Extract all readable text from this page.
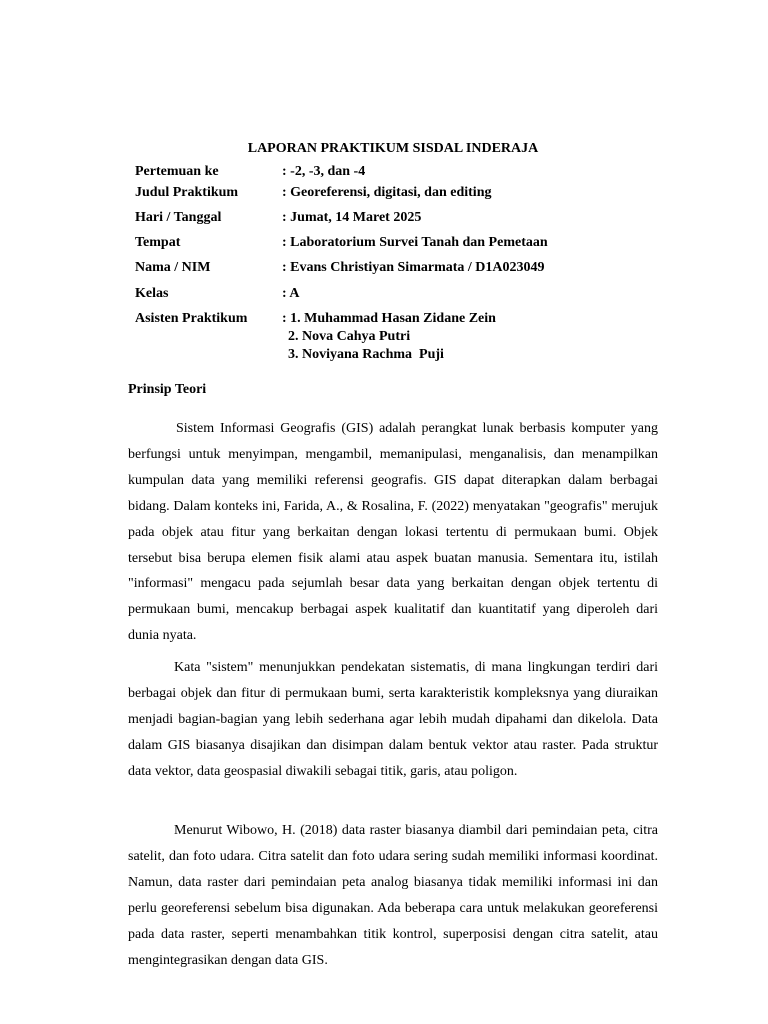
LAPORAN PRAKTIKUM SISDAL INDERAJA
Pertemuan ke	: -2, -3, dan -4
Judul Praktikum	: Georeferensi, digitasi, dan editing
Hari / Tanggal	: Jumat, 14 Maret 2025
Tempat	: Laboratorium Survei Tanah dan Pemetaan
Nama / NIM	: Evans Christiyan Simarmata / D1A023049
Kelas	: A
Asisten Praktikum : 1. Muhammad Hasan Zidane Zein
2. Nova Cahya Putri
3. Noviyana Rachma  Puji
Prinsip Teori

Sistem Informasi Geografis (GIS) adalah perangkat lunak berbasis komputer yang berfungsi untuk menyimpan, mengambil, memanipulasi, menganalisis, dan menampilkan kumpulan data yang memiliki referensi geografis. GIS dapat diterapkan dalam berbagai bidang. Dalam konteks ini, Farida, A., & Rosalina, F. (2022) menyatakan "geografis" merujuk pada objek atau fitur yang berkaitan dengan lokasi tertentu di permukaan bumi. Objek tersebut bisa berupa elemen fisik alami atau aspek buatan manusia. Sementara itu, istilah "informasi" mengacu pada sejumlah besar data yang berkaitan dengan objek tertentu di permukaan bumi, mencakup berbagai aspek kualitatif dan kuantitatif yang diperoleh dari dunia nyata.

Kata "sistem" menunjukkan pendekatan sistematis, di mana lingkungan terdiri dari berbagai objek dan fitur di permukaan bumi, serta karakteristik kompleksnya yang diuraikan menjadi bagian-bagian yang lebih sederhana agar lebih mudah dipahami dan dikelola. Data dalam GIS biasanya disajikan dan disimpan dalam bentuk vektor atau raster. Pada struktur data vektor, data geospasial diwakili sebagai titik, garis, atau poligon.

Menurut Wibowo, H. (2018) data raster biasanya diambil dari pemindaian peta, citra satelit, dan foto udara. Citra satelit dan foto udara sering sudah memiliki informasi koordinat. Namun, data raster dari pemindaian peta analog biasanya tidak memiliki informasi ini dan perlu georeferensi sebelum bisa digunakan. Ada beberapa cara untuk melakukan georeferensi pada data raster, seperti menambahkan titik kontrol, superposisi dengan citra satelit, atau mengintegrasikan dengan data GIS.
